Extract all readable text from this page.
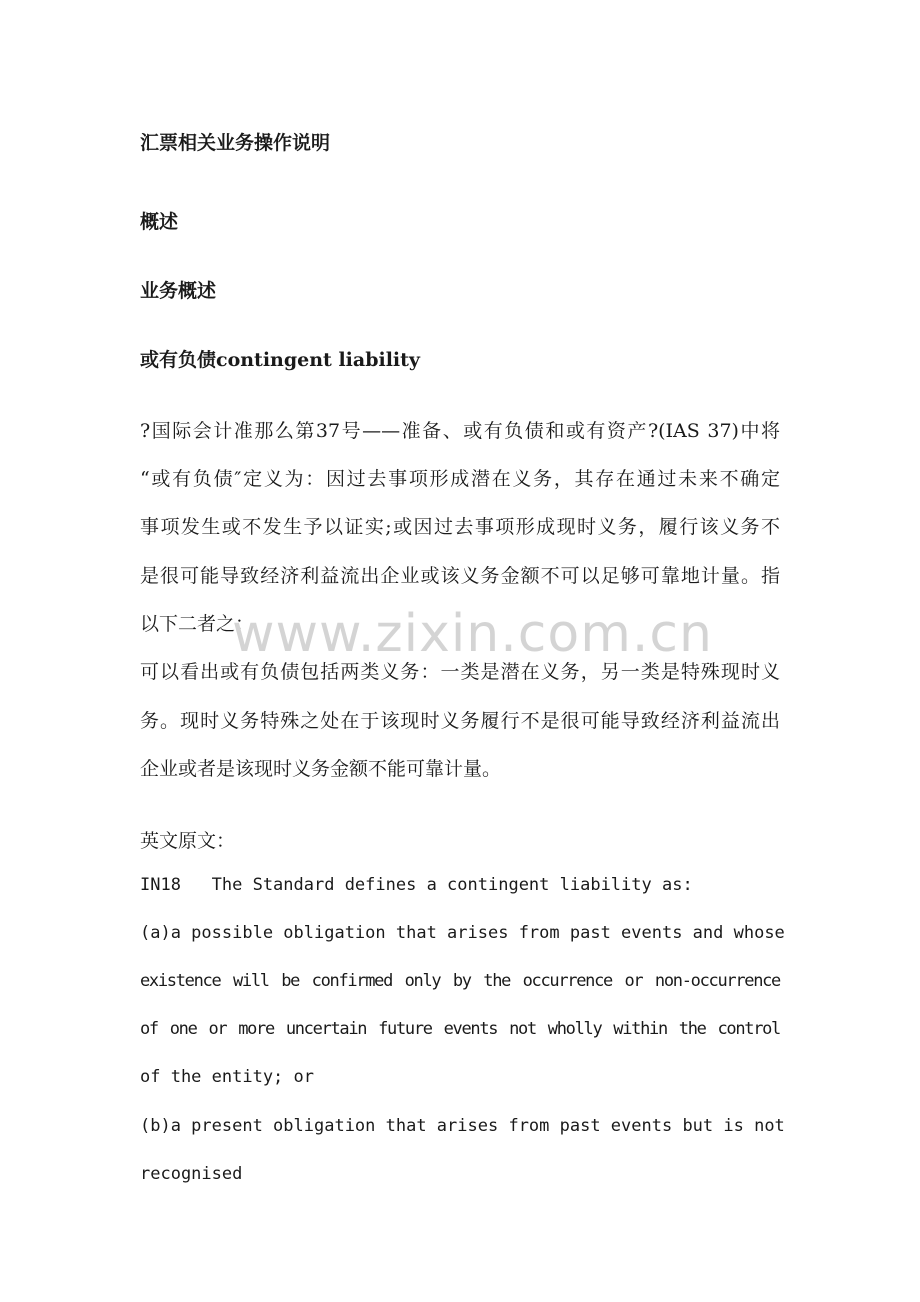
汇票相关业务操作说明
概述
业务概述
或有负债contingent liability
?国际会计准那么第37号——准备、或有负债和或有资产?(IAS 37)中将
“或有负债″定义为：因过去事项形成潜在义务，其存在通过未来不确定
事项发生或不发生予以证实;或因过去事项形成现时义务，履行该义务不
是很可能导致经济利益流出企业或该义务金额不可以足够可靠地计量。指
以下二者之：
可以看出或有负债包括两类义务：一类是潜在义务，另一类是特殊现时义
务。现时义务特殊之处在于该现时义务履行不是很可能导致经济利益流出
企业或者是该现时义务金额不能可靠计量。
英文原文：
IN18   The Standard defines a contingent liability as:
(a)a possible obligation that arises from past events and whose
existence will be confirmed only by the occurrence or non-occurrence
of one or more uncertain future events not wholly within the control
of the entity; or
(b)a present obligation that arises from past events but is not
recognised
www.zixin.com.cn
